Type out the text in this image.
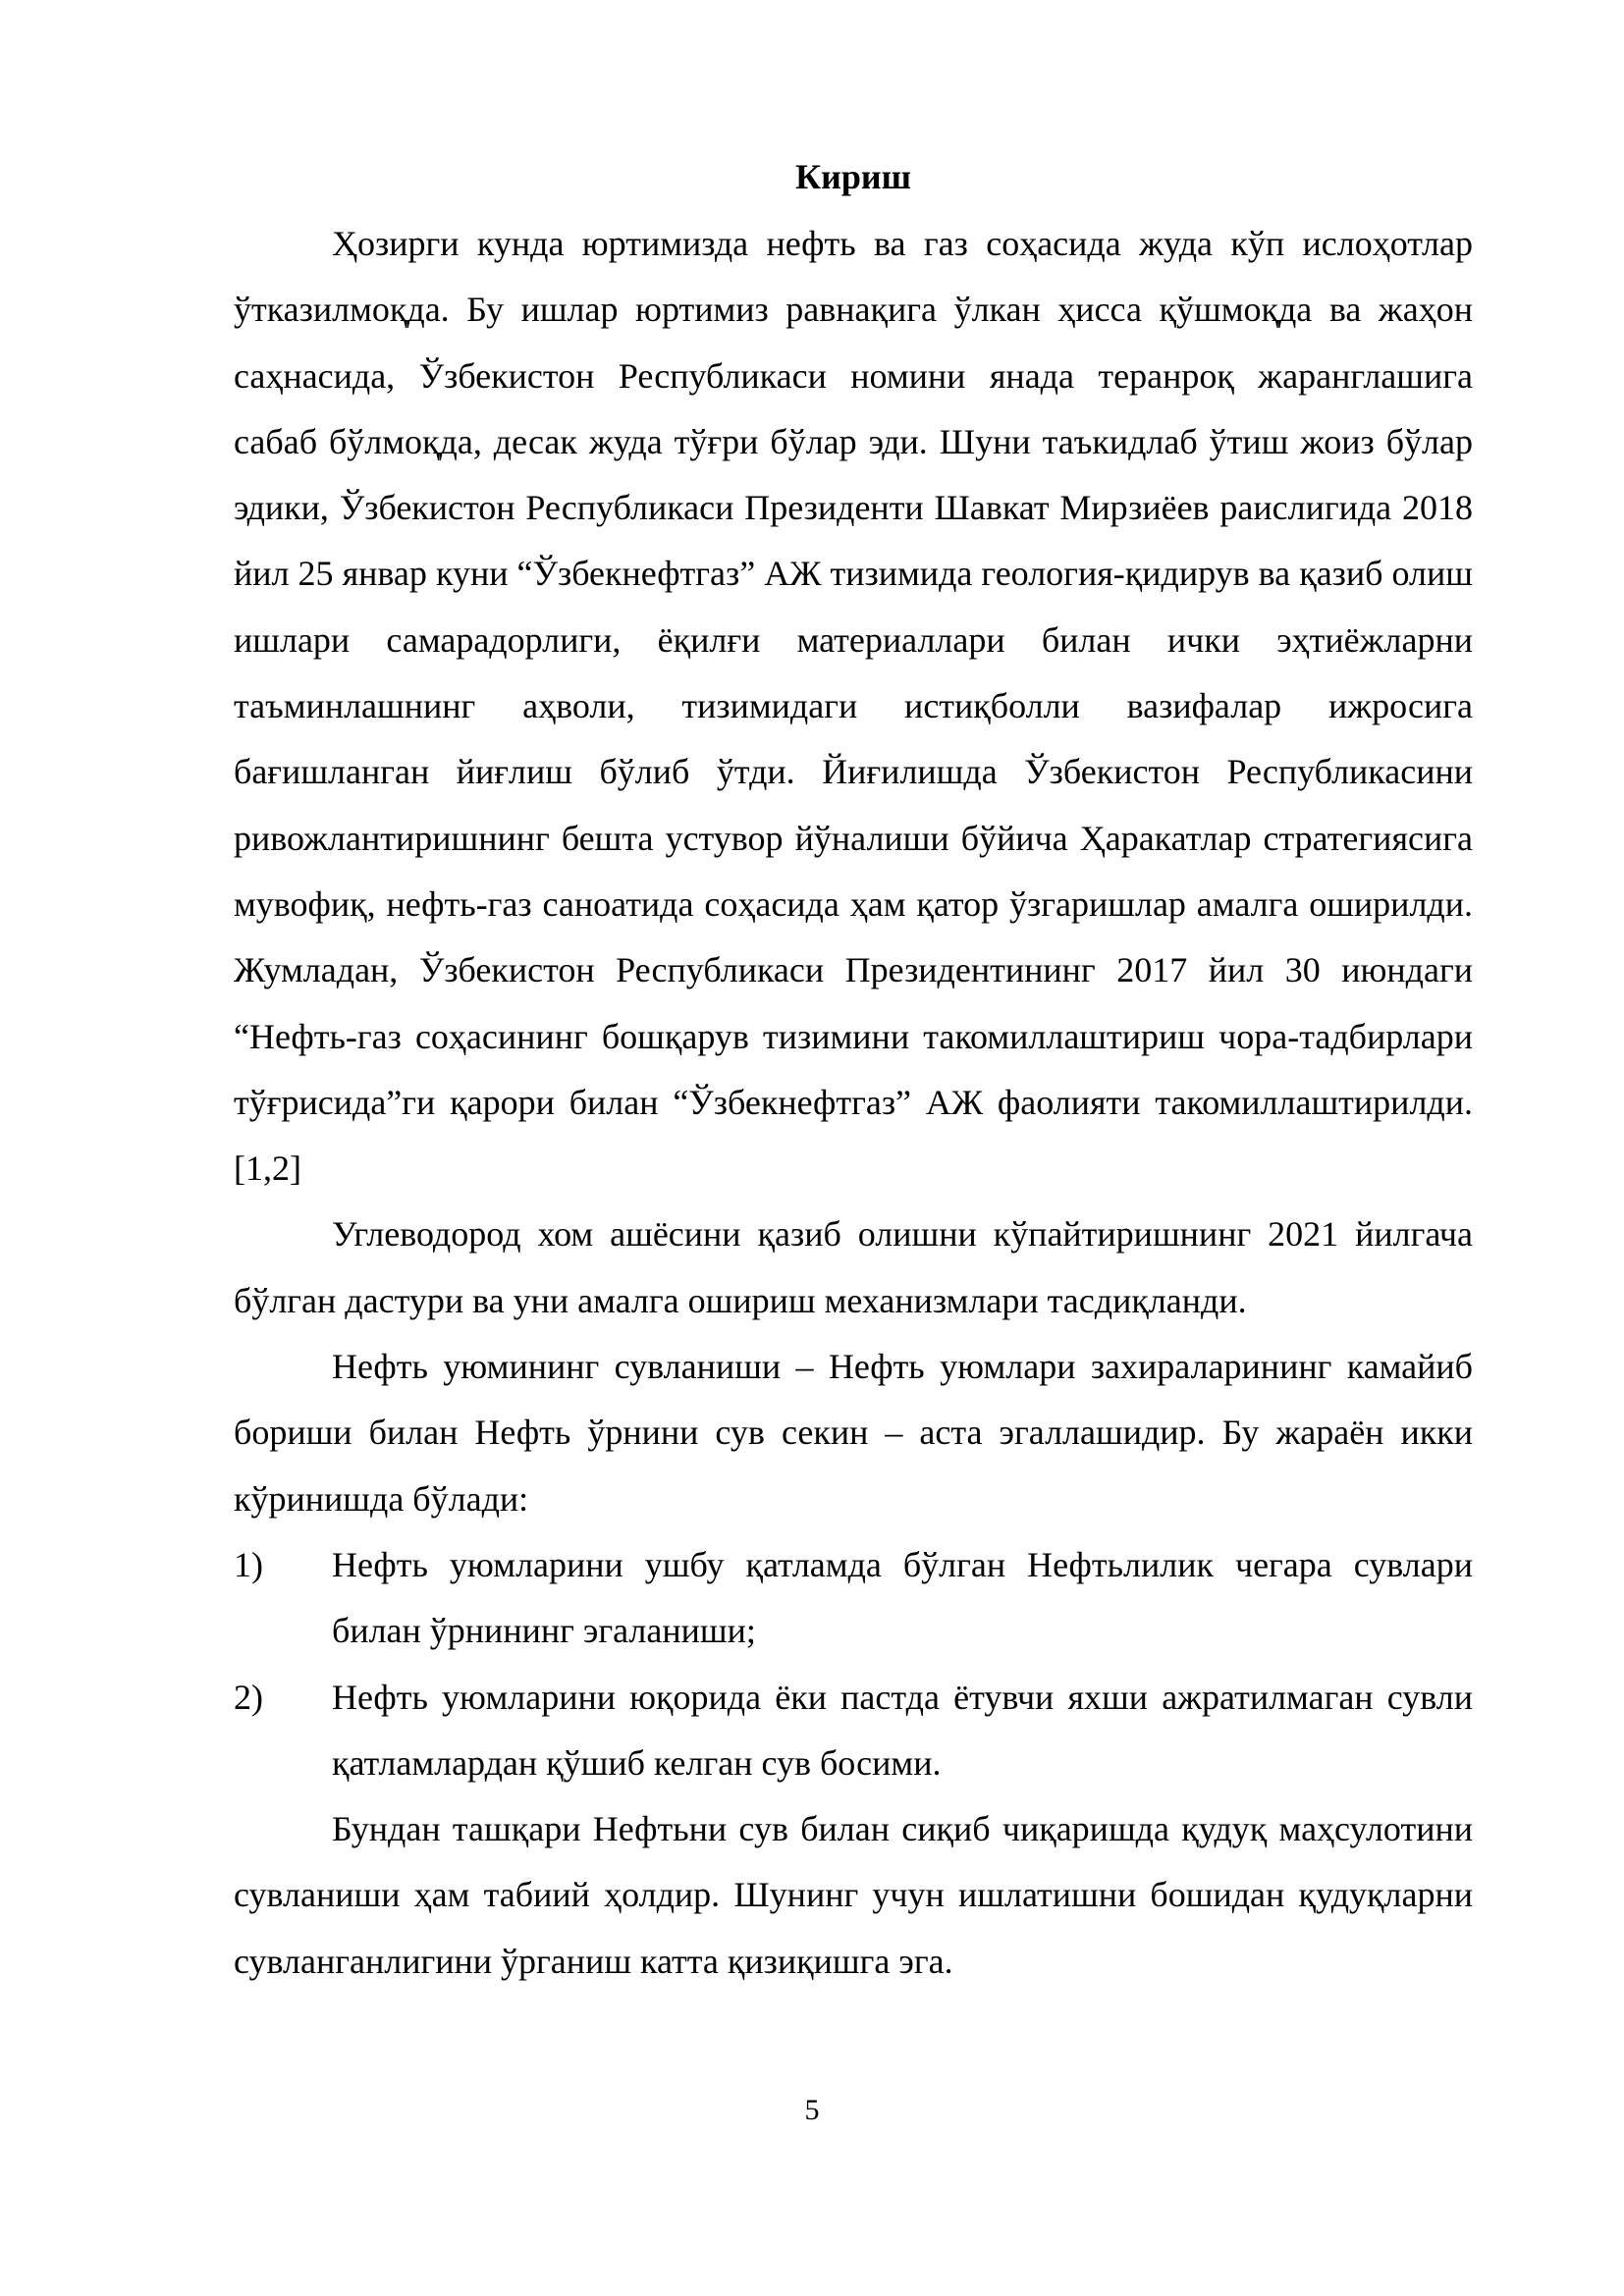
Кириш

Ҳозирги кунда юртимизда нефть ва газ соҳасида жуда кўп ислоҳотлар ўтказилмоқда. Бу ишлар юртимиз равнақига ўлкан ҳисса қўшмоқда ва жаҳон саҳнасида, Ўзбекистон Республикаси номини янада теранроқ жаранглашига сабаб бўлмоқда, десак жуда тўғри бўлар эди. Шуни таъкидлаб ўтиш жоиз бўлар эдики, Ўзбекистон Республикаси Президенти Шавкат Мирзиёев раислигида 2018 йил 25 январ куни “Ўзбекнефтгаз” АЖ тизимида геология-қидирув ва қазиб олиш ишлари самарадорлиги, ёқилғи материаллари билан ички эҳтиёжларни таъминлашнинг аҳволи, тизимидаги истиқболли вазифалар ижросига бағишланган йиғлиш бўлиб ўтди. Йиғилишда Ўзбекистон Республикасини ривожлантиришнинг бешта устувор йўналиши бўйича Ҳаракатлар стратегиясига мувофиқ, нефть-газ саноатида соҳасида ҳам қатор ўзгаришлар амалга оширилди. Жумладан, Ўзбекистон Республикаси Президентининг 2017 йил 30 июндаги “Нефть-газ соҳасининг бошқарув тизимини такомиллаштириш чора-тадбирлари тўғрисида”ги қарори билан “Ўзбекнефтгаз” АЖ фаолияти такомиллаштирилди.[1,2]

Углеводород хом ашёсини қазиб олишни кўпайтиришнинг 2021 йилгача бўлган дастури ва уни амалга ошириш механизмлари тасдиқланди.

Нефть уюмининг сувланиши – Нефть уюмлари захираларининг камайиб бориши билан Нефть ўрнини сув секин – аста эгаллашидир. Бу жараён икки кўринишда бўлади:

1) Нефть уюмларини ушбу қатламда бўлган Нефтьлилик чегара сувлари билан ўрнининг эгаланиши;
2) Нефть уюмларини юқорида ёки пастда ётувчи яхши ажратилмаган сувли қатламлардан қўшиб келган сув босими.

Бундан ташқари Нефтьни сув билан сиқиб чиқаришда қудуқ маҳсулотини сувланиши ҳам табиий ҳолдир. Шунинг учун ишлатишни бошидан қудуқларни сувланганлигини ўрганиш катта қизиқишга эга.

5
